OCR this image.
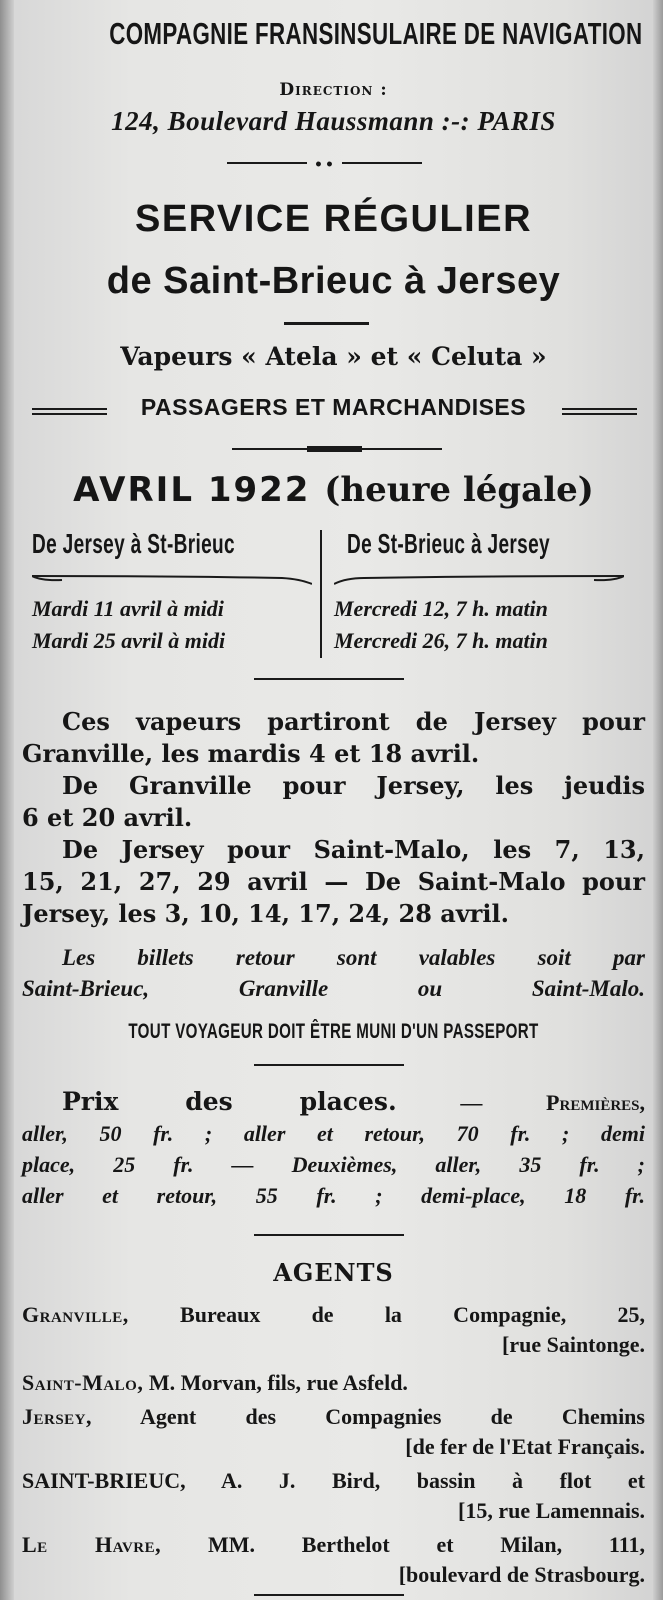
COMPAGNIE FRANSINSULAIRE DE NAVIGATION
Direction :
124, Boulevard Haussmann :-: PARIS
••
SERVICE RÉGULIER
de Saint-Brieuc à Jersey
Vapeurs « Atela » et « Celuta »
PASSAGERS ET MARCHANDISES
AVRIL 1922 (heure légale)
De Jersey à St-Brieuc	De St-Brieuc à Jersey
Mardi 11 avril à midi
Mardi 25 avril à midi
Mercredi 12, 7 h. matin
Mercredi 26, 7 h. matin
Ces vapeurs partiront de Jersey pour
Granville, les mardis 4 et 18 avril.
De Granville pour Jersey, les jeudis
6 et 20 avril.
De Jersey pour Saint-Malo, les 7, 13,
15, 21, 27, 29 avril — De Saint-Malo pour
Jersey, les 3, 10, 14, 17, 24, 28 avril.
Les billets retour sont valables soit par
Saint-Brieuc, Granville ou Saint-Malo.
TOUT VOYAGEUR DOIT ÊTRE MUNI D'UN PASSEPORT
Prix des places.	— Premières,
aller, 50 fr. ; aller et retour, 70 fr. ; demi
place, 25 fr. — Deuxièmes, aller, 35 fr. ;
aller et retour, 55 fr. ; demi-place, 18 fr.
AGENTS
Granville, Bureaux de la Compagnie, 25,
[rue Saintonge.
Saint-Malo, M. Morvan, fils, rue Asfeld.
Jersey, Agent des Compagnies de Chemins
[de fer de l'Etat Français.
SAINT-BRIEUC, A. J. Bird, bassin à flot et
[15, rue Lamennais.
Le Havre, MM. Berthelot et Milan, 111,
[boulevard de Strasbourg.
